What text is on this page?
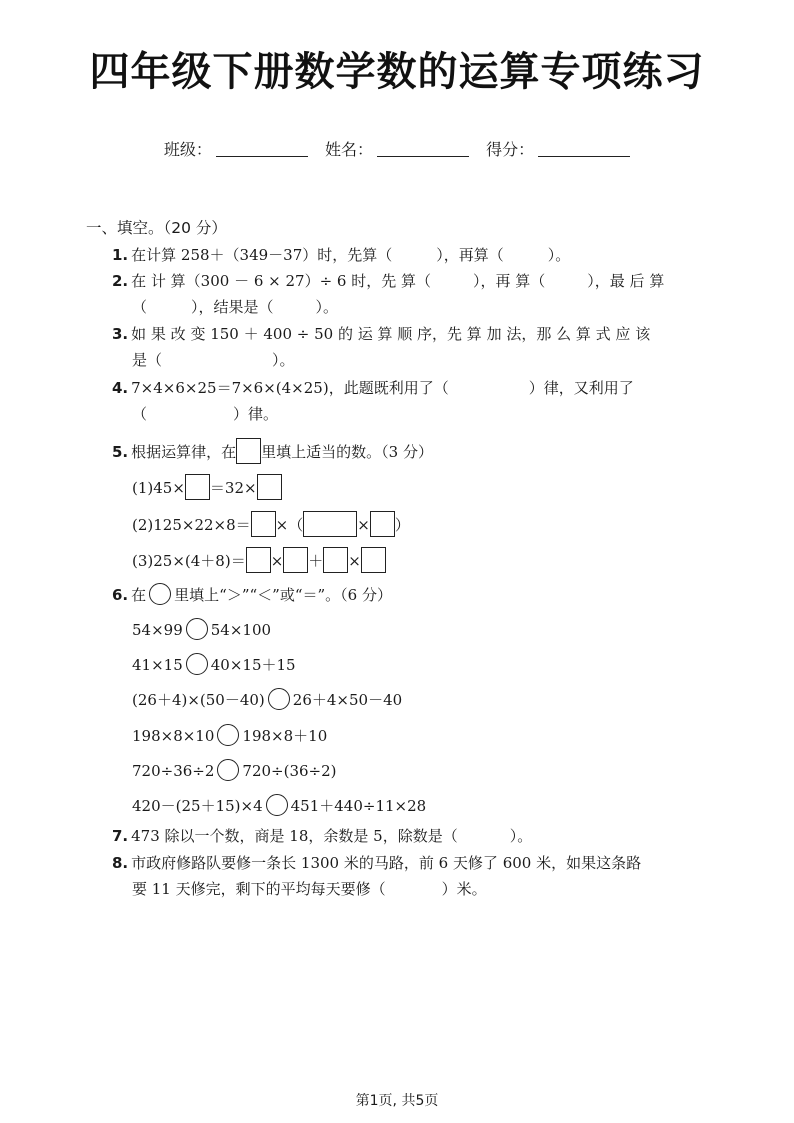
四年级下册数学数的运算专项练习
班级：	姓名：	得分：
一、填空。（20 分）
1. 在计算 258＋（349－37）时，先算（	），再算（	）。
2. 在 计 算（300 － 6 × 27）÷ 6 时，先 算（	），再 算（	），最 后 算
（	），结果是（	）。
3. 如 果 改 变 150 ＋ 400 ÷ 50 的 运 算 顺 序，先 算 加 法，那 么 算 式 应 该
是（	）。
4. 7×4×6×25＝7×6×(4×25)，此题既利用了（	）律，又利用了
（	）律。
5. 根据运算律，在 里填上适当的数。（3 分）
(1)45× ＝32×
(2)125×22×8＝ ×（	× ）
(3)25×(4＋8)＝ × ＋ ×
6. 在 里填上“＞”“＜”或“＝”。（6 分）
54×99 54×100
41×15 40×15＋15
(26＋4)×(50－40) 26＋4×50－40
198×8×10 198×8＋10
720÷36÷2 720÷(36÷2)
420－(25＋15)×4 451＋440÷11×28
7. 473 除以一个数，商是 18，余数是 5，除数是（	）。
8. 市政府修路队要修一条长 1300 米的马路，前 6 天修了 600 米，如果这条路
要 11 天修完，剩下的平均每天要修（	）米。
第1页, 共5页
